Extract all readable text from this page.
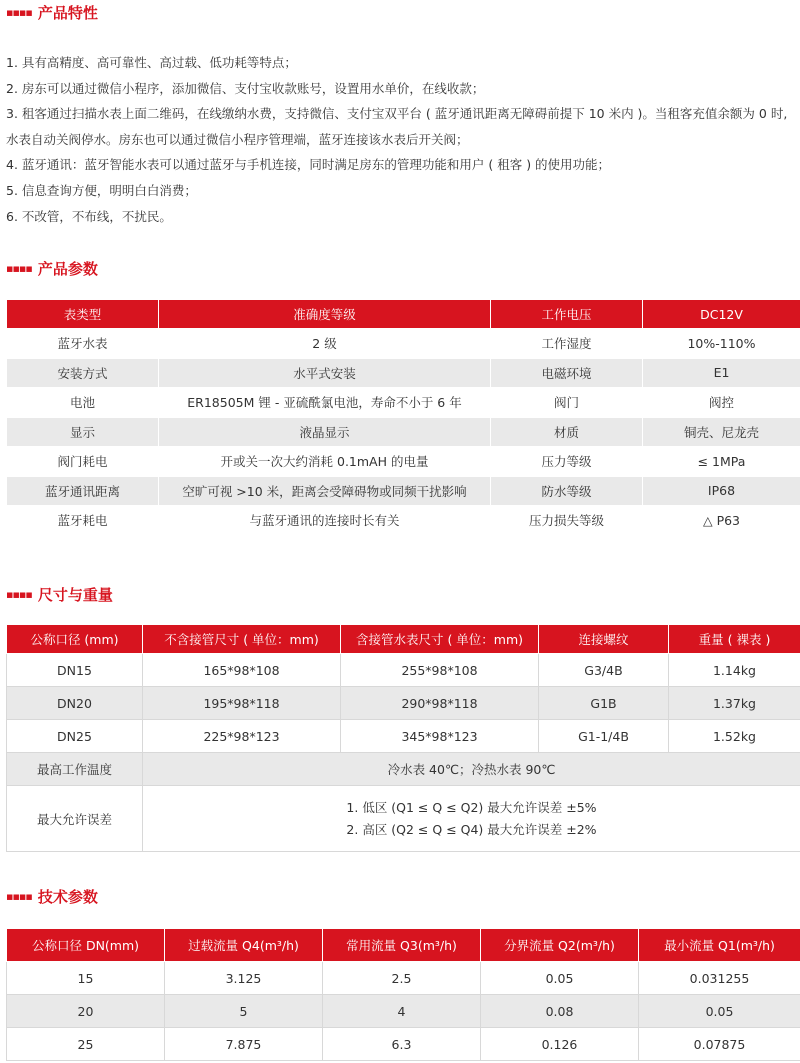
▪▪▪▪ 产品特性
1. 具有高精度、高可靠性、高过载、低功耗等特点；
2. 房东可以通过微信小程序，添加微信、支付宝收款账号，设置用水单价，在线收款；
3. 租客通过扫描水表上面二维码，在线缴纳水费，支持微信、支付宝双平台 ( 蓝牙通讯距离无障碍前提下 10 米内 )。当租客充值余额为 0 时,
水表自动关阀停水。房东也可以通过微信小程序管理端，蓝牙连接该水表后开关阀；
4. 蓝牙通讯：蓝牙智能水表可以通过蓝牙与手机连接，同时满足房东的管理功能和用户 ( 租客 ) 的使用功能；
5. 信息查询方便，明明白白消费；
6. 不改管，不布线，不扰民。
▪▪▪▪ 产品参数
表类型	准确度等级	工作电压	DC12V
蓝牙水表	2 级	工作湿度	10%-110%
安装方式	水平式安装	电磁环境	E1
电池	ER18505M 锂 - 亚硫酰氯电池，寿命不小于 6 年	阀门	阀控
显示	液晶显示	材质	铜壳、尼龙壳
阀门耗电	开或关一次大约消耗 0.1mAH 的电量	压力等级	≤ 1MPa
蓝牙通讯距离	空旷可视 >10 米，距离会受障碍物或同频干扰影响	防水等级	IP68
蓝牙耗电	与蓝牙通讯的连接时长有关	压力损失等级	△ P63
▪▪▪▪ 尺寸与重量
公称口径 (mm)	不含接管尺寸 ( 单位：mm)	含接管水表尺寸 ( 单位：mm)	连接螺纹	重量 ( 裸表 )
DN15	165*98*108	255*98*108	G3/4B	1.14kg
DN20	195*98*118	290*98*118	G1B	1.37kg
DN25	225*98*123	345*98*123	G1-1/4B	1.52kg
最高工作温度	冷水表 40℃；冷热水表 90℃			
最大允许误差	1. 低区 (Q1 ≤ Q ≤ Q2) 最大允许误差 ±5%
2. 高区 (Q2 ≤ Q ≤ Q4) 最大允许误差 ±2%			
▪▪▪▪ 技术参数
公称口径 DN(mm)	过载流量 Q4(m³/h)	常用流量 Q3(m³/h)	分界流量 Q2(m³/h)	最小流量 Q1(m³/h)
15	3.125	2.5	0.05	0.031255
20	5	4	0.08	0.05
25	7.875	6.3	0.126	0.07875
